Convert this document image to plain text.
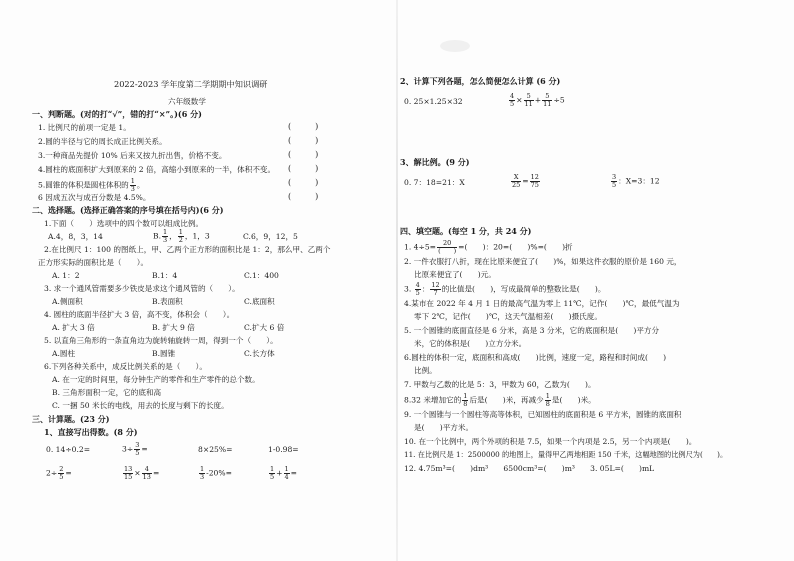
2022-2023 学年度第二学期期中知识调研
六年级数学
一、判断题。(对的打“√”，错的打“×”。)(6 分)
1. 比例尺的前项一定是 1。	(　　　)
2.圆的半径与它的周长成正比例关系。	(　　　)
3.一种商品先提价 10% 后来又按九折出售，价格不变。	(　　　)
4.圆柱的底面积扩大到原来的 2 倍，高缩小到原来的一半，体积不变。 (　　　)
5.圆锥的体积是圆柱体积的 $\frac{1}{3}$ 。	(　　　)
6 因成五次与成百分数是 4.5%。	(　　　)
二、选择题。(选择正确答案的序号填在括号内)(6 分)
1.下面（　　）选项中的四个数可以组成比例。
A.4，8，3，14	B. $\frac{1}{3}$ ， $\frac{1}{2}$ ，1，3	C.6，9，12，5
2.在比例尺 1：100 的图纸上，甲、乙两个正方形的面积比是 1：2，那么甲、乙两个
正方形实际的面积比是（　　）。
A. 1：2	B.1：4	C.1：400
3. 求一个通风管需要多少铁皮是求这个通风管的（　　）。
A.侧面积	B.表面积	C.底面积
4. 圆柱的底面半径扩大 3 倍，高不变，体积会（　　）。
A. 扩大 3 倍	B. 扩大 9 倍	C.扩大 6 倍
5. 以直角三角形的一条直角边为旋转轴旋转一周，得到一个（　　）。
A.圆柱	B.圆锥	C.长方体
6.下列各种关系中，成反比例关系的是（　　）。
A. 在一定的时间里，每分钟生产的零件和生产零件的总个数。
B. 三角形面积一定，它的底和高
C. 一捆 50 米长的电线，用去的长度与剩下的长度。
三、计算题。(23 分)
1、直接写出得数。(8 分)
0. 14÷0.2=	$3\div \frac{3}{5}$ =	8×25%=	1-0.98=
$2\div \frac{2}{5}$ =	$\frac{13}{15} \times \frac{4}{13}$ =	$\frac{1}{3} -20\%=$	$\frac{1}{5} + \frac{1}{4}$ =
2、计算下列各题，怎么简便怎么计算 (6 分)
0. 25×1.25×32	$\frac{4}{5} \times \frac{5}{11} + \frac{5}{11} \div 5$
3、解比例。(9 分)
0. 7：18=21：X	$\frac{X}{25} = \frac{12}{75}$	$\frac{3}{5}$ ：X=3：12
四、填空题。(每空 1 分，共 24 分)
1. $4\div 5= \frac{20}{( )}$ =(　　)：20=(　　)%=(　　)折
2. 一件衣服打八折，现在比原来便宜了(　　)%，如果这件衣服的原价是 160 元，
比原来便宜了(　　)元。
3. $\frac{4}{5}$ ： $\frac{12}{7}$ 的比值是(　　)，写成最简单的整数比是(　　)。
4.某市在 2022 年 4 月 1 日的最高气温为零上 11℃，记作(　　)℃，最低气温为
零下 2℃，记作(　　)℃，这天气温相差(　　)摄氏度。
5. 一个圆锥的底面直径是 6 分米，高是 3 分米，它的底面积是(　　)平方分
米，它的体积是(　　)立方分米。
6.圆柱的体积一定，底面积和高成(　　)比例，速度一定，路程和时间成(　　)
比例。
7. 甲数与乙数的比是 5：3，甲数为 60，乙数为(　　)。
8.32 米增加它的 $\frac{1}{8}$ 后是(　　)米，再减少 $\frac{1}{8}$ 是(　　)米。
9. 一个圆锥与一个圆柱等高等体积，已知圆柱的底面积是 6 平方米，圆锥的底面积
是(　　)平方米。
10. 在一个比例中，两个外项的积是 7.5，如果一个内项是 2.5，另一个内项是(　　)。
11. 在比例尺是 1：2500000 的地图上，量得甲乙两地相距 150 千米，这幅地图的比例尺为(　　)。
12. 4.75m³=(　　)dm³　　6500cm³=(　　)m³　　3. 05L=(　　)mL
